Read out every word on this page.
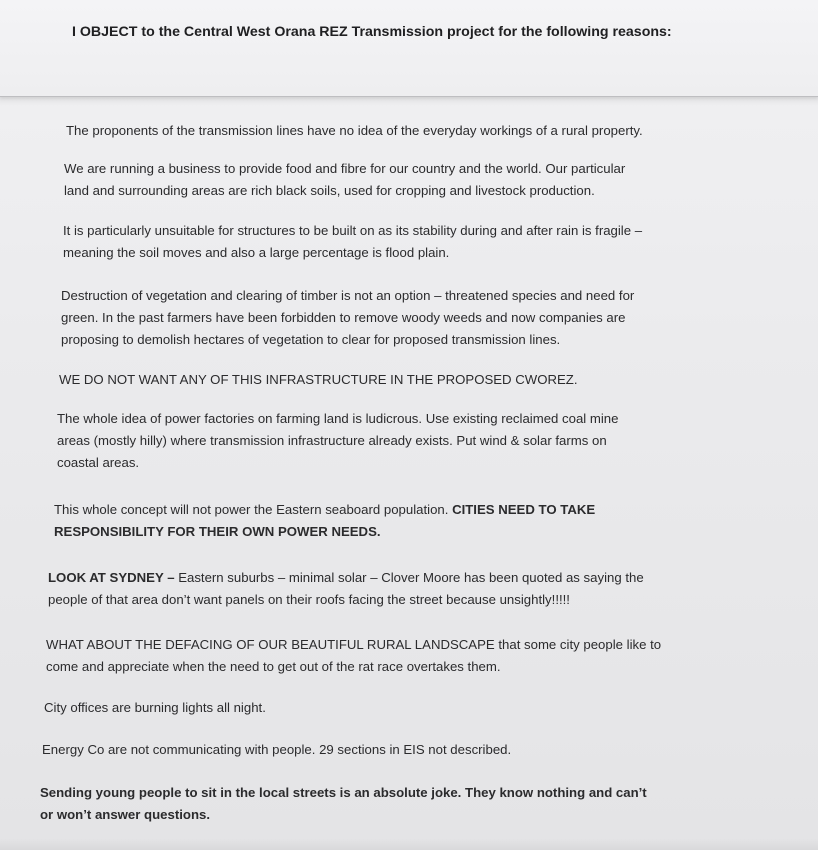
I OBJECT to the Central West Orana REZ Transmission project for the following reasons:

The proponents of the transmission lines have no idea of the everyday workings of a rural property.

We are running a business to provide food and fibre for our country and the world. Our particular
land and surrounding areas are rich black soils, used for cropping and livestock production.

It is particularly unsuitable for structures to be built on as its stability during and after rain is fragile –
meaning the soil moves and also a large percentage is flood plain.

Destruction of vegetation and clearing of timber is not an option – threatened species and need for
green. In the past farmers have been forbidden to remove woody weeds and now companies are
proposing to demolish hectares of vegetation to clear for proposed transmission lines.

WE DO NOT WANT ANY OF THIS INFRASTRUCTURE IN THE PROPOSED CWOREZ.

The whole idea of power factories on farming land is ludicrous. Use existing reclaimed coal mine
areas (mostly hilly) where transmission infrastructure already exists. Put wind & solar farms on
coastal areas.

This whole concept will not power the Eastern seaboard population. CITIES NEED TO TAKE
RESPONSIBILITY FOR THEIR OWN POWER NEEDS.

LOOK AT SYDNEY – Eastern suburbs – minimal solar – Clover Moore has been quoted as saying the
people of that area don’t want panels on their roofs facing the street because unsightly!!!!!

WHAT ABOUT THE DEFACING OF OUR BEAUTIFUL RURAL LANDSCAPE that some city people like to
come and appreciate when the need to get out of the rat race overtakes them.

City offices are burning lights all night.

Energy Co are not communicating with people. 29 sections in EIS not described.

Sending young people to sit in the local streets is an absolute joke. They know nothing and can’t
or won’t answer questions.
